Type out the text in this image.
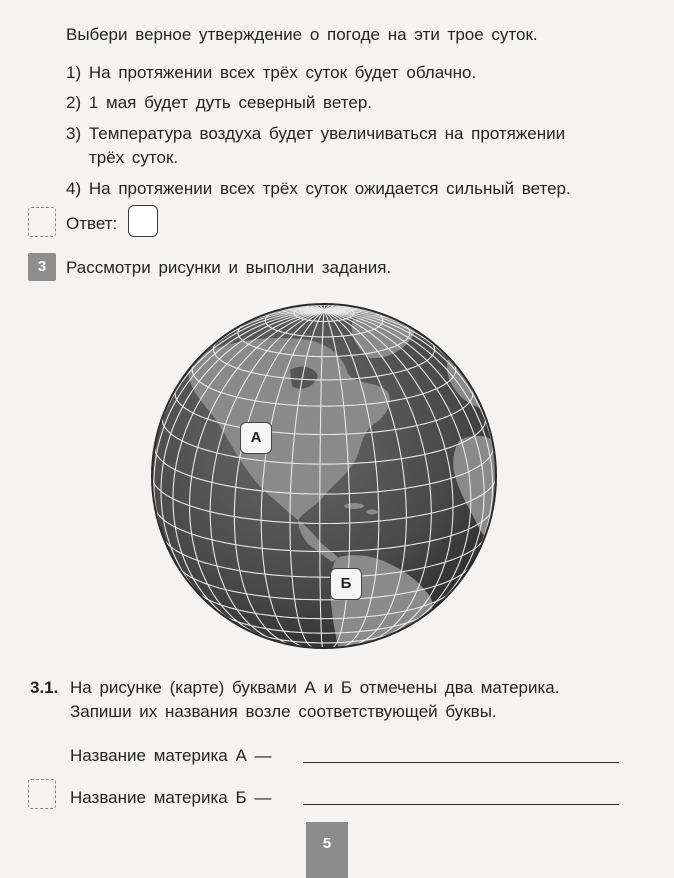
Выбери верное утверждение о погоде на эти трое суток.
1) На протяжении всех трёх суток будет облачно.
2) 1 мая будет дуть северный ветер.
3) Температура воздуха будет увеличиваться на протяжении
трёх суток.
4) На протяжении всех трёх суток ожидается сильный ветер.
Ответ:
3	Рассмотри рисунки и выполни задания.
А
Б
3.1. На рисунке (карте) буквами А и Б отмечены два материка.
Запиши их названия возле соответствующей буквы.
Название материка А —
Название материка Б —
5
